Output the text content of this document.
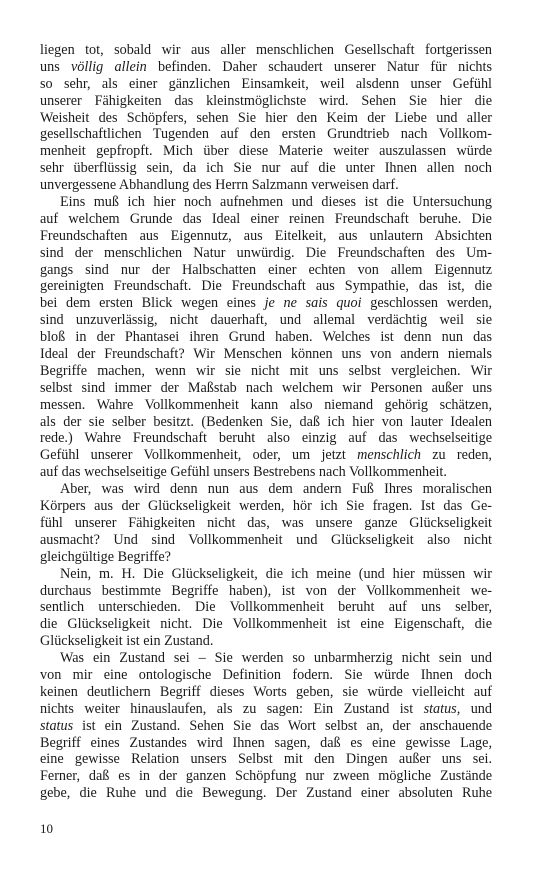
liegen tot, sobald wir aus aller menschlichen Gesellschaft fortgerissen
uns völlig allein befinden. Daher schaudert unserer Natur für nichts
so sehr, als einer gänzlichen Einsamkeit, weil alsdenn unser Gefühl
unserer Fähigkeiten das kleinstmöglichste wird. Sehen Sie hier die
Weisheit des Schöpfers, sehen Sie hier den Keim der Liebe und aller
gesellschaftlichen Tugenden auf den ersten Grundtrieb nach Vollkom-
menheit gepfropft. Mich über diese Materie weiter auszulassen würde
sehr überflüssig sein, da ich Sie nur auf die unter Ihnen allen noch
unvergessene Abhandlung des Herrn Salzmann verweisen darf.
Eins muß ich hier noch aufnehmen und dieses ist die Untersuchung
auf welchem Grunde das Ideal einer reinen Freundschaft beruhe. Die
Freundschaften aus Eigennutz, aus Eitelkeit, aus unlautern Absichten
sind der menschlichen Natur unwürdig. Die Freundschaften des Um-
gangs sind nur der Halbschatten einer echten von allem Eigennutz
gereinigten Freundschaft. Die Freundschaft aus Sympathie, das ist, die
bei dem ersten Blick wegen eines je ne sais quoi geschlossen werden,
sind unzuverlässig, nicht dauerhaft, und allemal verdächtig weil sie
bloß in der Phantasei ihren Grund haben. Welches ist denn nun das
Ideal der Freundschaft? Wir Menschen können uns von andern niemals
Begriffe machen, wenn wir sie nicht mit uns selbst vergleichen. Wir
selbst sind immer der Maßstab nach welchem wir Personen außer uns
messen. Wahre Vollkommenheit kann also niemand gehörig schätzen,
als der sie selber besitzt. (Bedenken Sie, daß ich hier von lauter Idealen
rede.) Wahre Freundschaft beruht also einzig auf das wechselseitige
Gefühl unserer Vollkommenheit, oder, um jetzt menschlich zu reden,
auf das wechselseitige Gefühl unsers Bestrebens nach Vollkommenheit.
Aber, was wird denn nun aus dem andern Fuß Ihres moralischen
Körpers aus der Glückseligkeit werden, hör ich Sie fragen. Ist das Ge-
fühl unserer Fähigkeiten nicht das, was unsere ganze Glückseligkeit
ausmacht? Und sind Vollkommenheit und Glückseligkeit also nicht
gleichgültige Begriffe?
Nein, m. H. Die Glückseligkeit, die ich meine (und hier müssen wir
durchaus bestimmte Begriffe haben), ist von der Vollkommenheit we-
sentlich unterschieden. Die Vollkommenheit beruht auf uns selber,
die Glückseligkeit nicht. Die Vollkommenheit ist eine Eigenschaft, die
Glückseligkeit ist ein Zustand.
Was ein Zustand sei – Sie werden so unbarmherzig nicht sein und
von mir eine ontologische Definition fodern. Sie würde Ihnen doch
keinen deutlichern Begriff dieses Worts geben, sie würde vielleicht auf
nichts weiter hinauslaufen, als zu sagen: Ein Zustand ist status, und
status ist ein Zustand. Sehen Sie das Wort selbst an, der anschauende
Begriff eines Zustandes wird Ihnen sagen, daß es eine gewisse Lage,
eine gewisse Relation unsers Selbst mit den Dingen außer uns sei.
Ferner, daß es in der ganzen Schöpfung nur zween mögliche Zustände
gebe, die Ruhe und die Bewegung. Der Zustand einer absoluten Ruhe
10
